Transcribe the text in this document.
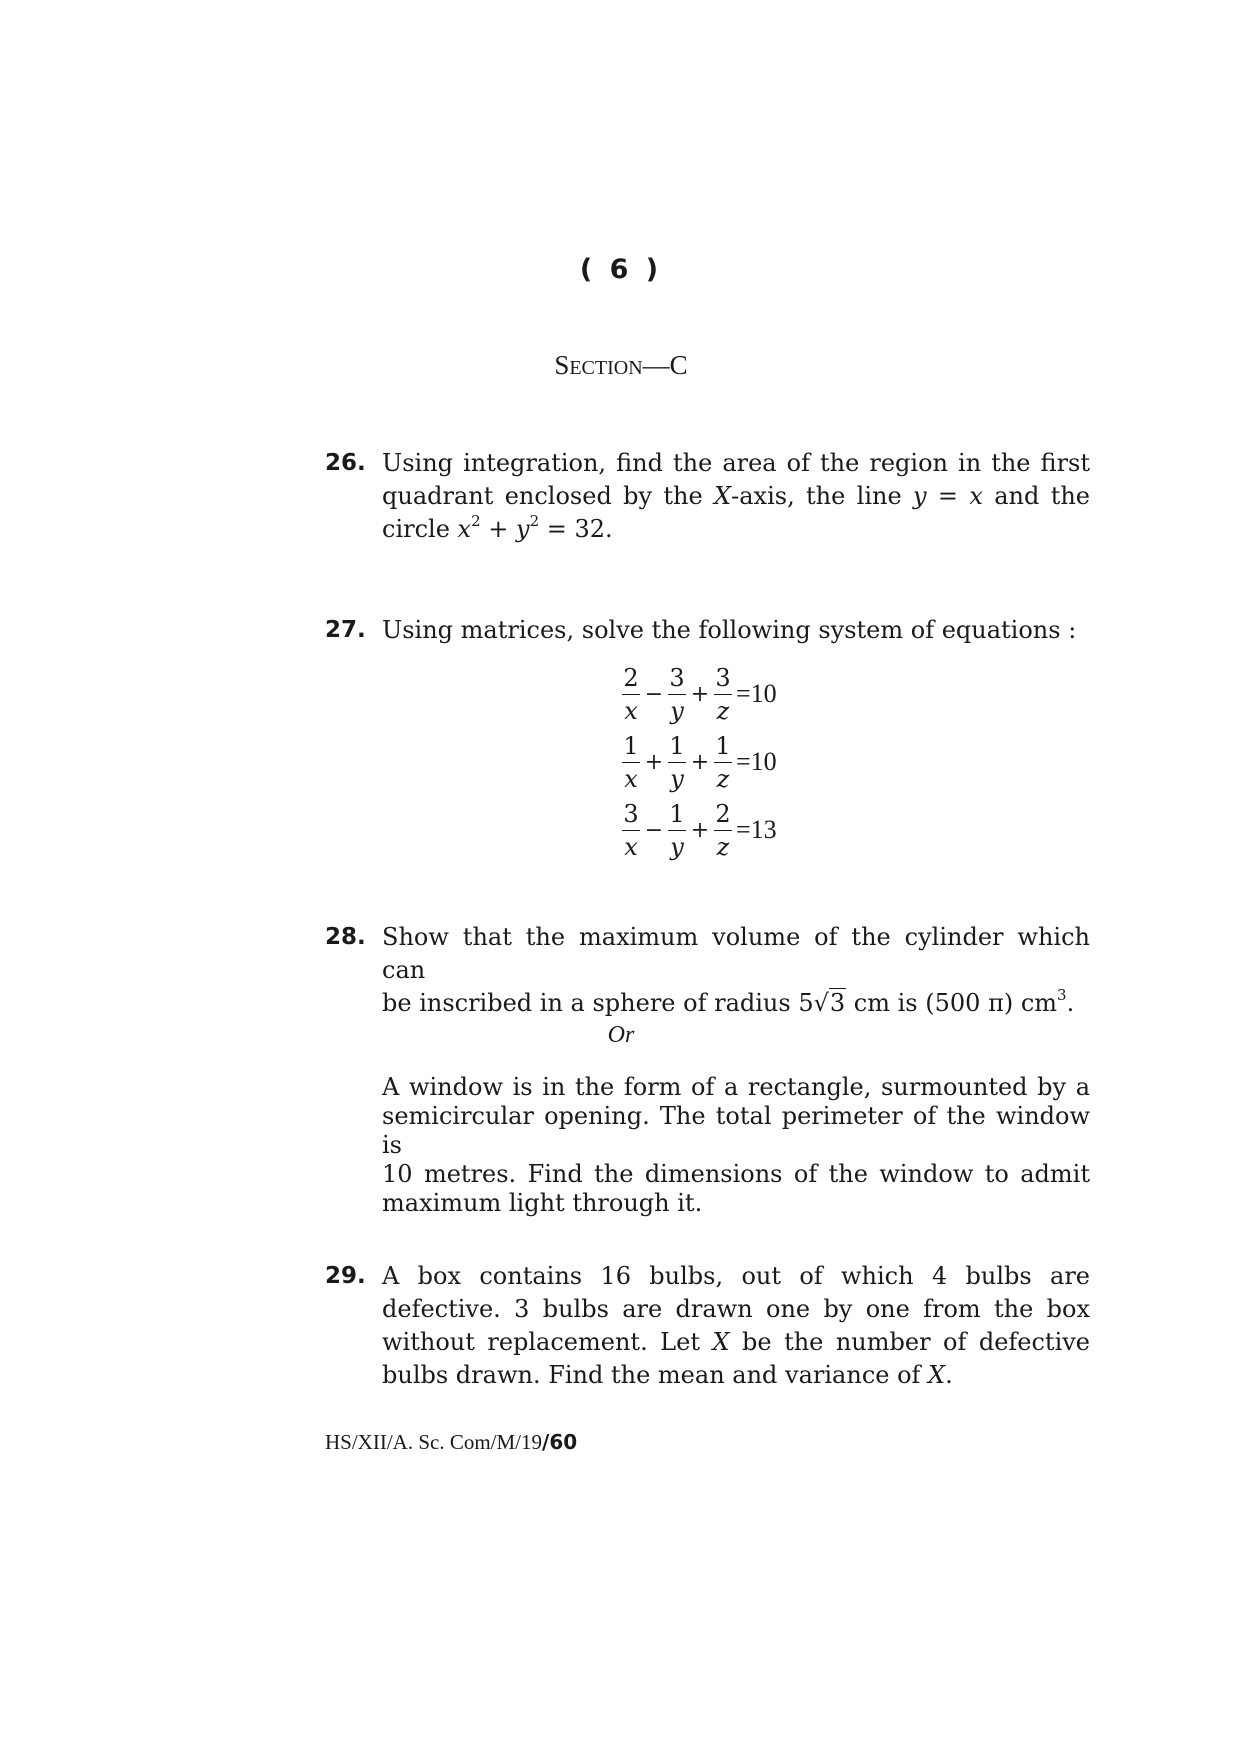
( 6 )
SECTION—C
26. Using integration, find the area of the region in the first
quadrant enclosed by the X-axis, the line y = x and the
circle $x^2 + y^2 = 32$.
27. Using matrices, solve the following system of equations :
$\frac{2}{x} - \frac{3}{y} + \frac{3}{z} =10$
$\frac{1}{x} + \frac{1}{y} + \frac{1}{z} =10$
$\frac{3}{x} - \frac{1}{y} + \frac{2}{z} =13$
28. Show that the maximum volume of the cylinder which can
be inscribed in a sphere of radius 5√3 cm is (500 π) $cm^3$.
Or
A window is in the form of a rectangle, surmounted by a
semicircular opening. The total perimeter of the window is
10 metres. Find the dimensions of the window to admit
maximum light through it.
29. A box contains 16 bulbs, out of which 4 bulbs are
defective. 3 bulbs are drawn one by one from the box
without replacement. Let X be the number of defective
bulbs drawn. Find the mean and variance of X.
HS/XII/A. Sc. Com/M/19/60
